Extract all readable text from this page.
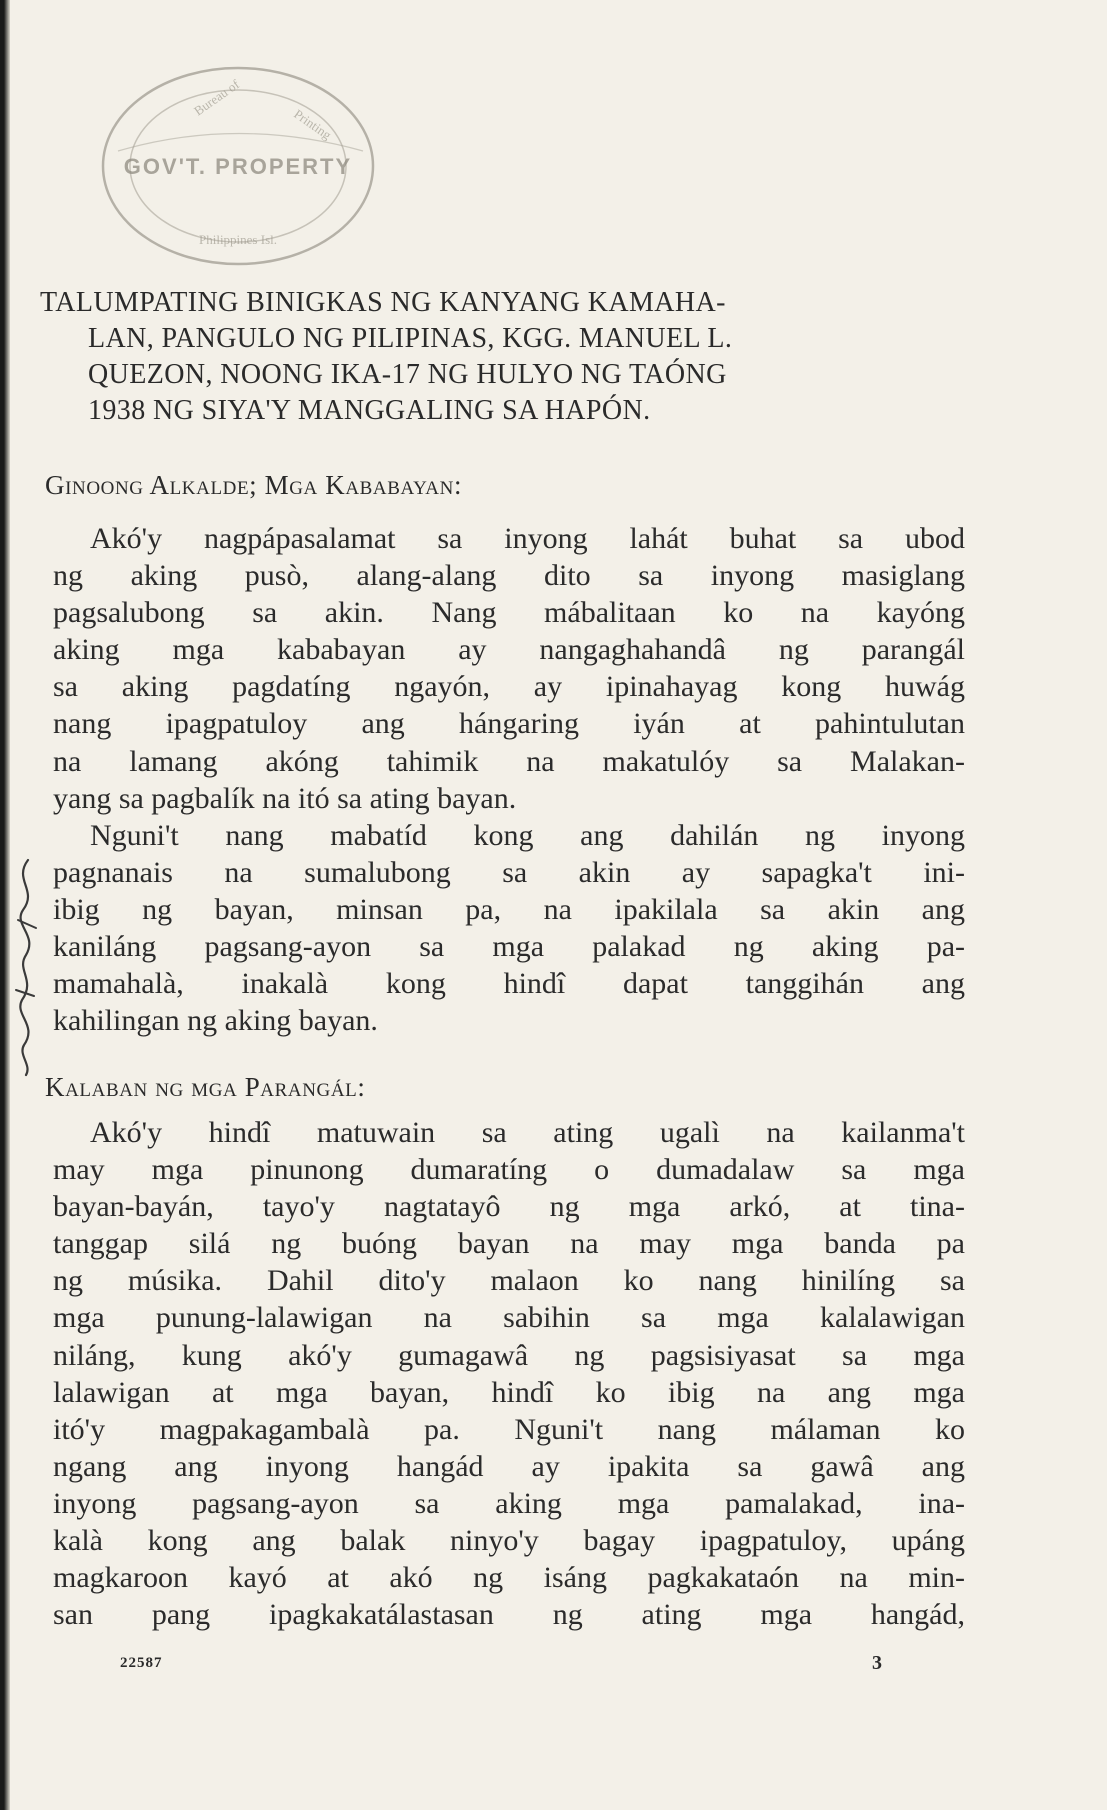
GOV'T. PROPERTY
Bureau of
Printing
Philippines Isl.
TALUMPATING BINIGKAS NG KANYANG KAMAHA-
LAN, PANGULO NG PILIPINAS, KGG. MANUEL L.
QUEZON, NOONG IKA-17 NG HULYO NG TAÓNG
1938 NG SIYA'Y MANGGALING SA HAPÓN.
Ginoong Alkalde; Mga Kababayan:
Akó'y nagpápasalamat sa inyong lahát buhat sa ubod
ng aking pusò, alang-alang dito sa inyong masiglang
pagsalubong sa akin. Nang mábalitaan ko na kayóng
aking mga kababayan ay nangaghahandâ ng parangál
sa aking pagdatíng ngayón, ay ipinahayag kong huwág
nang ipagpatuloy ang hángaring iyán at pahintulutan
na lamang akóng tahimik na makatulóy sa Malakan-
yang sa pagbalík na itó sa ating bayan.
Nguni't nang mabatíd kong ang dahilán ng inyong
pagnanais na sumalubong sa akin ay sapagka't ini-
ibig ng bayan, minsan pa, na ipakilala sa akin ang
kaniláng pagsang-ayon sa mga palakad ng aking pa-
mamahalà, inakalà kong hindî dapat tanggihán ang
kahilingan ng aking bayan.
Kalaban ng mga Parangál:
Akó'y hindî matuwain sa ating ugalì na kailanma't
may mga pinunong dumaratíng o dumadalaw sa mga
bayan-bayán, tayo'y nagtatayô ng mga arkó, at tina-
tanggap silá ng buóng bayan na may mga banda pa
ng músika. Dahil dito'y malaon ko nang hinilíng sa
mga punung-lalawigan na sabihin sa mga kalalawigan
niláng, kung akó'y gumagawâ ng pagsisiyasat sa mga
lalawigan at mga bayan, hindî ko ibig na ang mga
itó'y magpakagambalà pa. Nguni't nang málaman ko
ngang ang inyong hangád ay ipakita sa gawâ ang
inyong pagsang-ayon sa aking mga pamalakad, ina-
kalà kong ang balak ninyo'y bagay ipagpatuloy, upáng
magkaroon kayó at akó ng isáng pagkakataón na min-
san pang ipagkakatálastasan ng ating mga hangád,
22587	3
